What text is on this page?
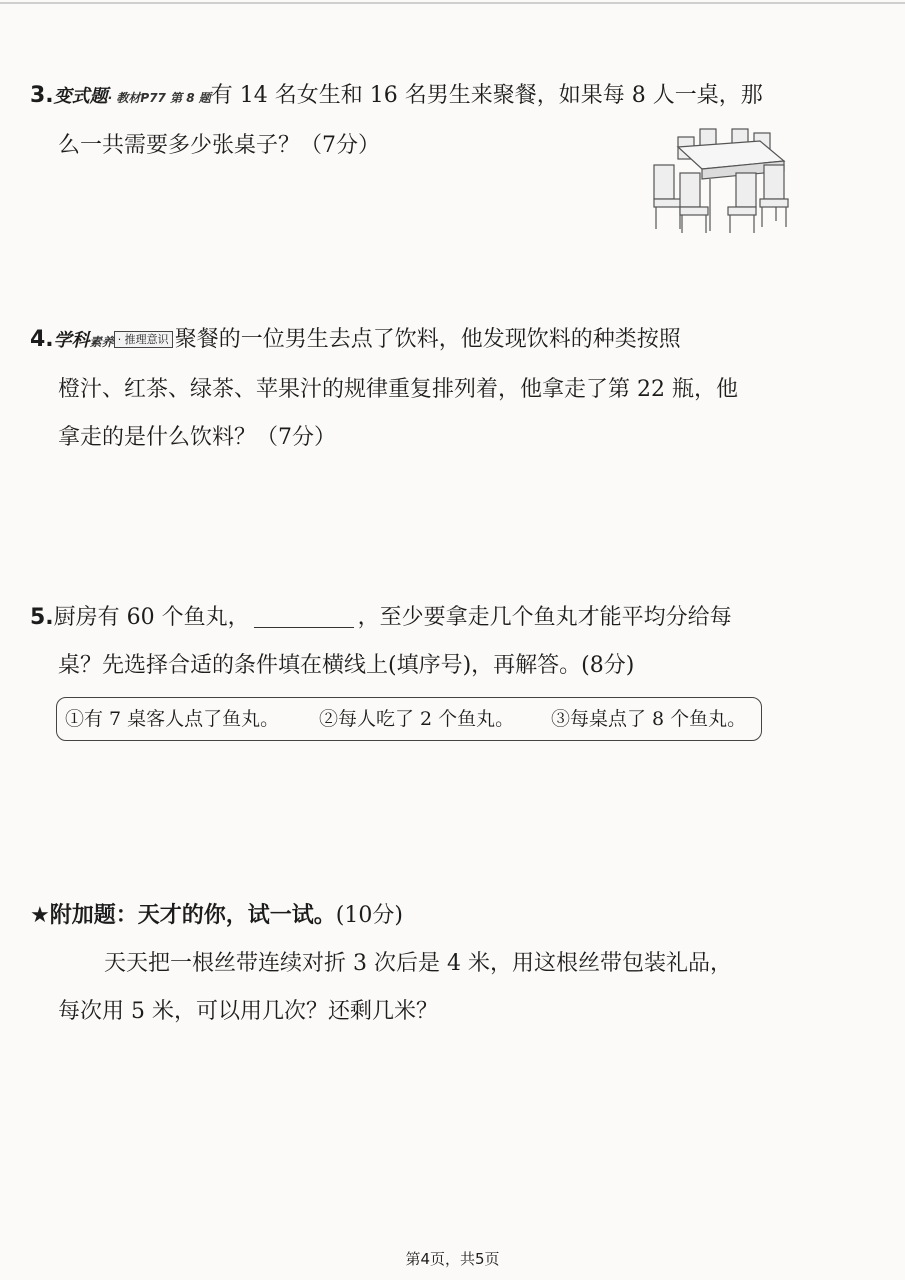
3.变式题· 教材P77 第 8 题有 14 名女生和 16 名男生来聚餐，如果每 8 人一桌，那
么一共需要多少张桌子？（7分）
4.学科素养 · 推理意识 聚餐的一位男生去点了饮料，他发现饮料的种类按照
橙汁、红茶、绿茶、苹果汁的规律重复排列着，他拿走了第 22 瓶，他
拿走的是什么饮料？（7分）
5.厨房有 60 个鱼丸，	，至少要拿走几个鱼丸才能平均分给每
桌？先选择合适的条件填在横线上(填序号)，再解答。(8分)
①有 7 桌客人点了鱼丸。 ②每人吃了 2 个鱼丸。 ③每桌点了 8 个鱼丸。
★附加题：天才的你，试一试。(10分)
天天把一根丝带连续对折 3 次后是 4 米，用这根丝带包装礼品，
每次用 5 米，可以用几次？还剩几米？
第4页，共5页
